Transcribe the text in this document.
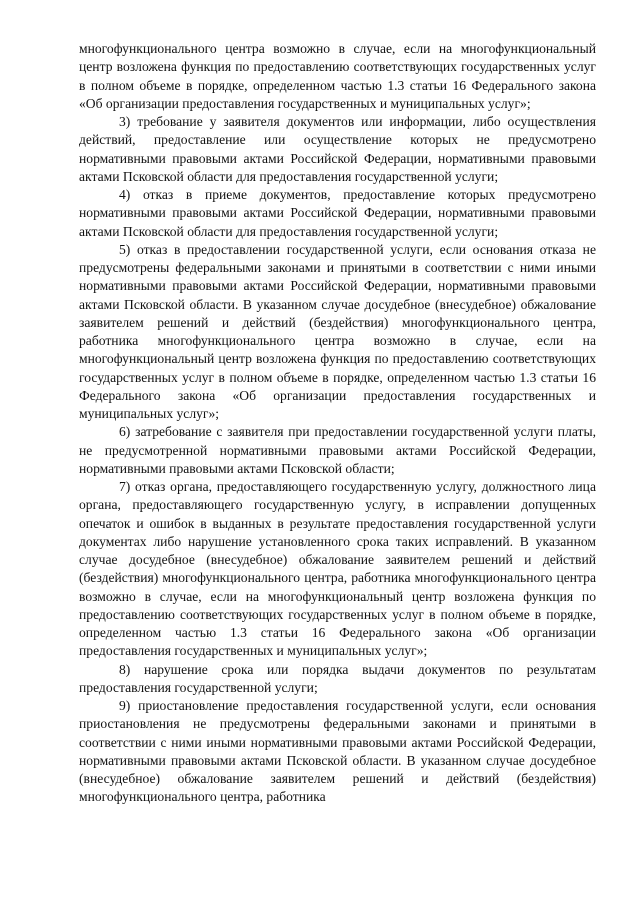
многофункционального центра возможно в случае, если на многофункциональный центр возложена функция по предоставлению соответствующих государственных услуг в полном объеме в порядке, определенном частью 1.3 статьи 16 Федерального закона «Об организации предоставления государственных и муниципальных услуг»;

3) требование у заявителя документов или информации, либо осуществления действий, предоставление или осуществление которых не предусмотрено нормативными правовыми актами Российской Федерации, нормативными правовыми актами Псковской области для предоставления государственной услуги;

4) отказ в приеме документов, предоставление которых предусмотрено нормативными правовыми актами Российской Федерации, нормативными правовыми актами Псковской области для предоставления государственной услуги;

5) отказ в предоставлении государственной услуги, если основания отказа не предусмотрены федеральными законами и принятыми в соответствии с ними иными нормативными правовыми актами Российской Федерации, нормативными правовыми актами Псковской области. В указанном случае досудебное (внесудебное) обжалование заявителем решений и действий (бездействия) многофункционального центра, работника многофункционального центра возможно в случае, если на многофункциональный центр возложена функция по предоставлению соответствующих государственных услуг в полном объеме в порядке, определенном частью 1.3 статьи 16 Федерального закона «Об организации предоставления государственных и муниципальных услуг»;

6) затребование с заявителя при предоставлении государственной услуги платы, не предусмотренной нормативными правовыми актами Российской Федерации, нормативными правовыми актами Псковской области;

7) отказ органа, предоставляющего государственную услугу, должностного лица органа, предоставляющего государственную услугу, в исправлении допущенных опечаток и ошибок в выданных в результате предоставления государственной услуги документах либо нарушение установленного срока таких исправлений. В указанном случае досудебное (внесудебное) обжалование заявителем решений и действий (бездействия) многофункционального центра, работника многофункционального центра возможно в случае, если на многофункциональный центр возложена функция по предоставлению соответствующих государственных услуг в полном объеме в порядке, определенном частью 1.3 статьи 16 Федерального закона «Об организации предоставления государственных и муниципальных услуг»;

8) нарушение срока или порядка выдачи документов по результатам предоставления государственной услуги;

9) приостановление предоставления государственной услуги, если основания приостановления не предусмотрены федеральными законами и принятыми в соответствии с ними иными нормативными правовыми актами Российской Федерации, нормативными правовыми актами Псковской области. В указанном случае досудебное (внесудебное) обжалование заявителем решений и действий (бездействия) многофункционального центра, работника
